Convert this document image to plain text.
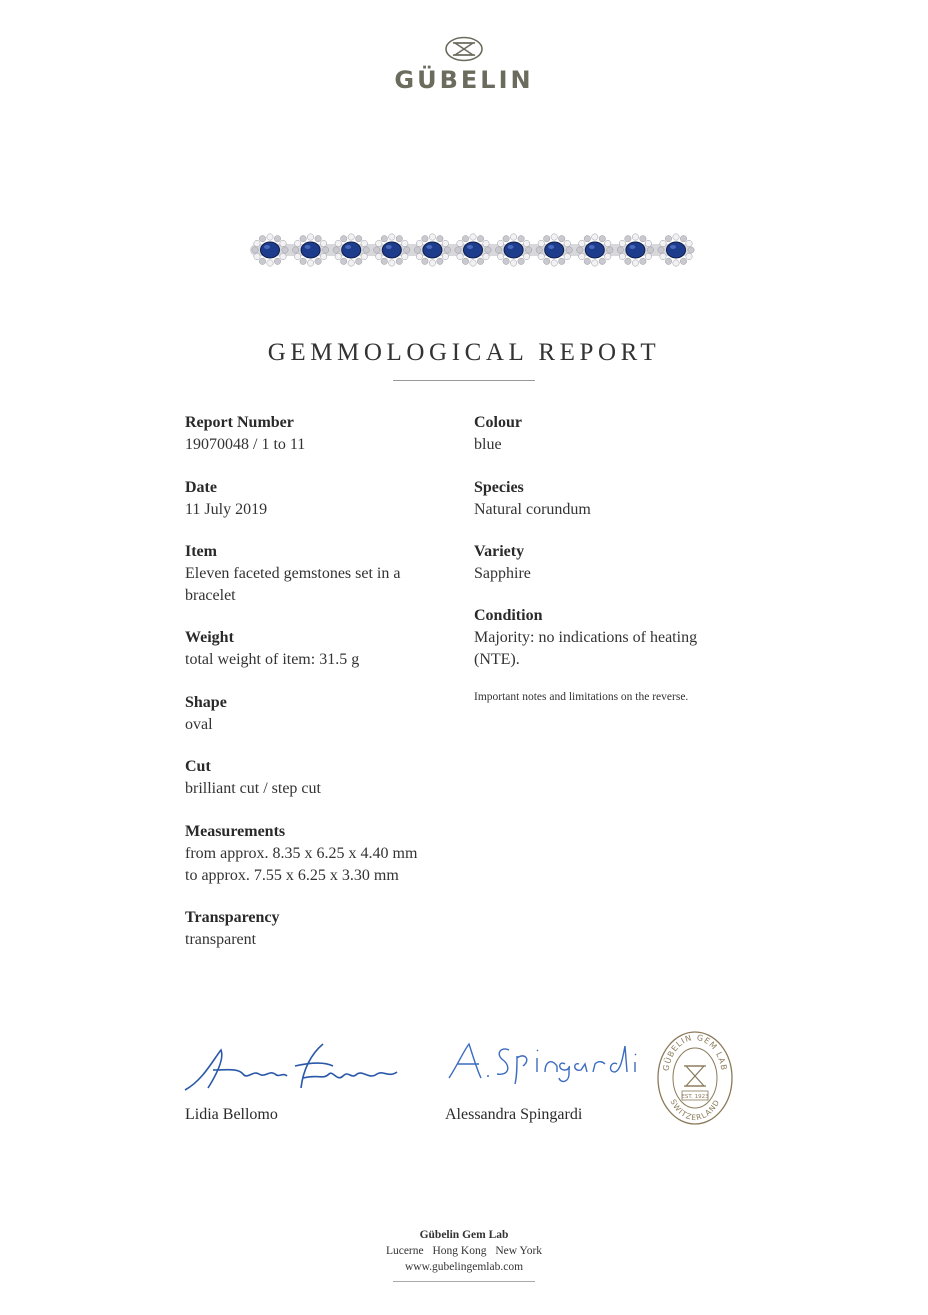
GÜBELIN
GEMMOLOGICAL REPORT
Report Number
19070048 / 1 to 11
Date
11 July 2019
Item
Eleven faceted gemstones set in a bracelet
Weight
total weight of item: 31.5 g
Shape
oval
Cut
brilliant cut / step cut
Measurements
from approx. 8.35 x 6.25 x 4.40 mm
to approx. 7.55 x 6.25 x 3.30 mm
Transparency
transparent
Colour
blue
Species
Natural corundum
Variety
Sapphire
Condition
Majority: no indications of heating (NTE).
Important notes and limitations on the reverse.
Lidia Bellomo	Alessandra Spingardi
GÜBELIN GEM LAB
SWITZERLAND
EST. 1923
Gübelin Gem Lab
Lucerne Hong Kong New York
www.gubelingemlab.com
